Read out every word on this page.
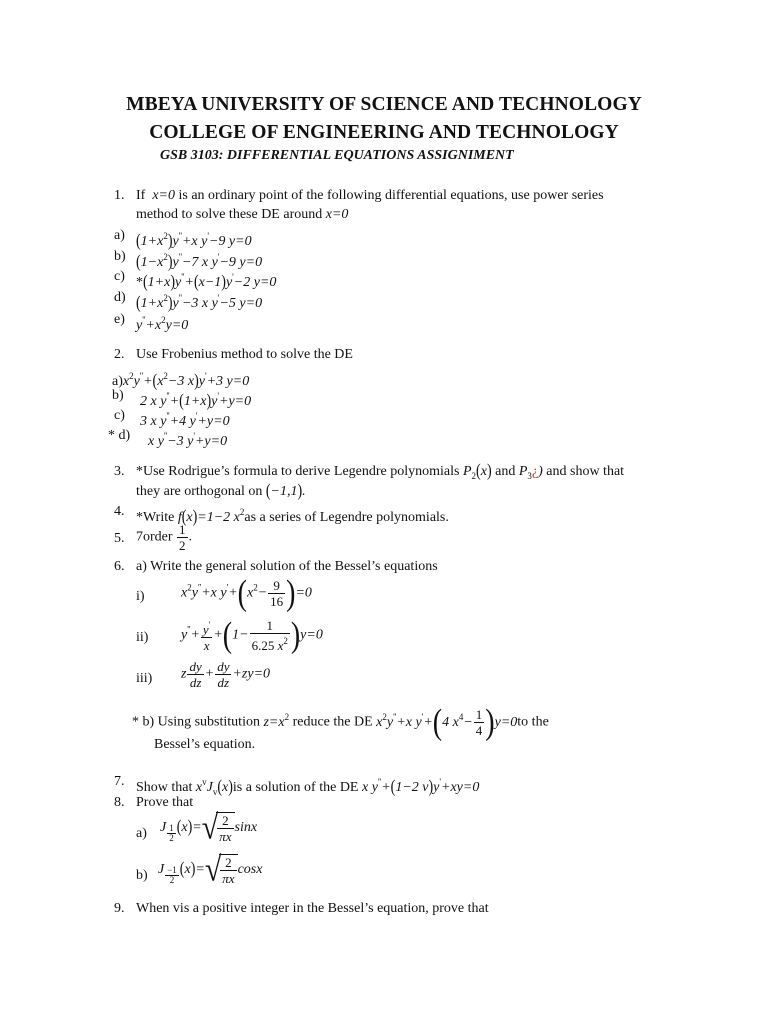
MBEYA UNIVERSITY OF SCIENCE AND TECHNOLOGY
COLLEGE OF ENGINEERING AND TECHNOLOGY
GSB 3103: DIFFERENTIAL EQUATIONS ASSIGNIMENT
1. If  x=0 is an ordinary point of the following differential equations, use power series
method to solve these DE around x=0
a) $(1+x^2)y''+x$ y'−9 y=0
b) $(1-x^2)y''-7$ x y'−9 y=0
c) *(1+x)y''+(x−1)y'−2 y=0
d) $(1+x^2)y''-3$ x y'−5 y=0
e) $y''+x^2y=0$
2. Use Frobenius method to solve the DE
$a)x^2y''+(x^2-3$ x)y'+3 y=0
b) 2 x y''+(1+x)y'+y=0
c) 3 x y''+4 y'+y=0
* d) x y''−3 y'+y=0
3. *Use Rodrigue’s formula to derive Legendre polynomials $P_2(x)$ and $P_3¿$) and show that
they are orthogonal on (−1,1).
4. *Write f(x)=1−2 $x^2as$ a series of Legendre polynomials.
5. 7order $\frac{1}{2}$ .
6. a) Write the general solution of the Bessel’s equations
i)	$x^2y''+x$ $y'+(x^2- \frac{9}{16} )=0$
ii) $y''+ \frac{y'}{x} +(1- \frac{1}{6.25 x^2} )y=0$
iii) z $\frac{dy}{dz} + \frac{dy}{dz} +zy=0$
* b) Using substitution $z=x^2$ reduce the DE $x^2y''+x$ y'+(4 $x^4- \frac{1}{4} )y=0to$ the
Bessel’s equation.
7. Show that $x^vJ_v(x)is$ a solution of the DE x y''+(1−2 v)y'+xy=0
8. Prove that
a) J $_{\frac{1}{2}}$ $(x)=√ \frac{2}{\pi x}$ sinx
b) J $_{\frac{-1}{2}}$ $(x)=√ \frac{2}{\pi x}$ cosx
9. When vis a positive integer in the Bessel’s equation, prove that
